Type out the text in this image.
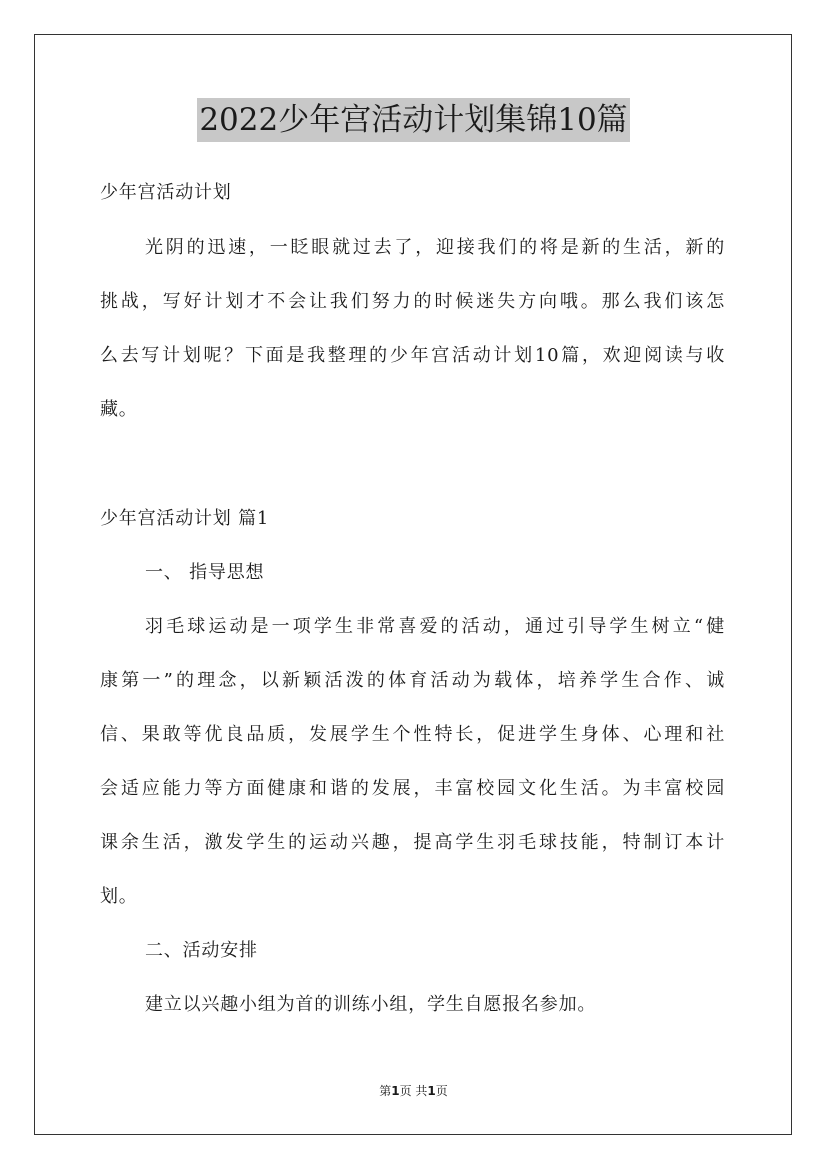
2022少年宫活动计划集锦10篇
少年宫活动计划
光阴的迅速，一眨眼就过去了，迎接我们的将是新的生活，新的
挑战，写好计划才不会让我们努力的时候迷失方向哦。那么我们该怎
么去写计划呢？下面是我整理的少年宫活动计划10篇，欢迎阅读与收
藏。
少年宫活动计划 篇1
一、 指导思想
羽毛球运动是一项学生非常喜爱的活动，通过引导学生树立“健
康第一”的理念，以新颖活泼的体育活动为载体，培养学生合作、诚
信、果敢等优良品质，发展学生个性特长，促进学生身体、心理和社
会适应能力等方面健康和谐的发展，丰富校园文化生活。为丰富校园
课余生活，激发学生的运动兴趣，提高学生羽毛球技能，特制订本计
划。
二、活动安排
建立以兴趣小组为首的训练小组，学生自愿报名参加。
第1页 共1页
